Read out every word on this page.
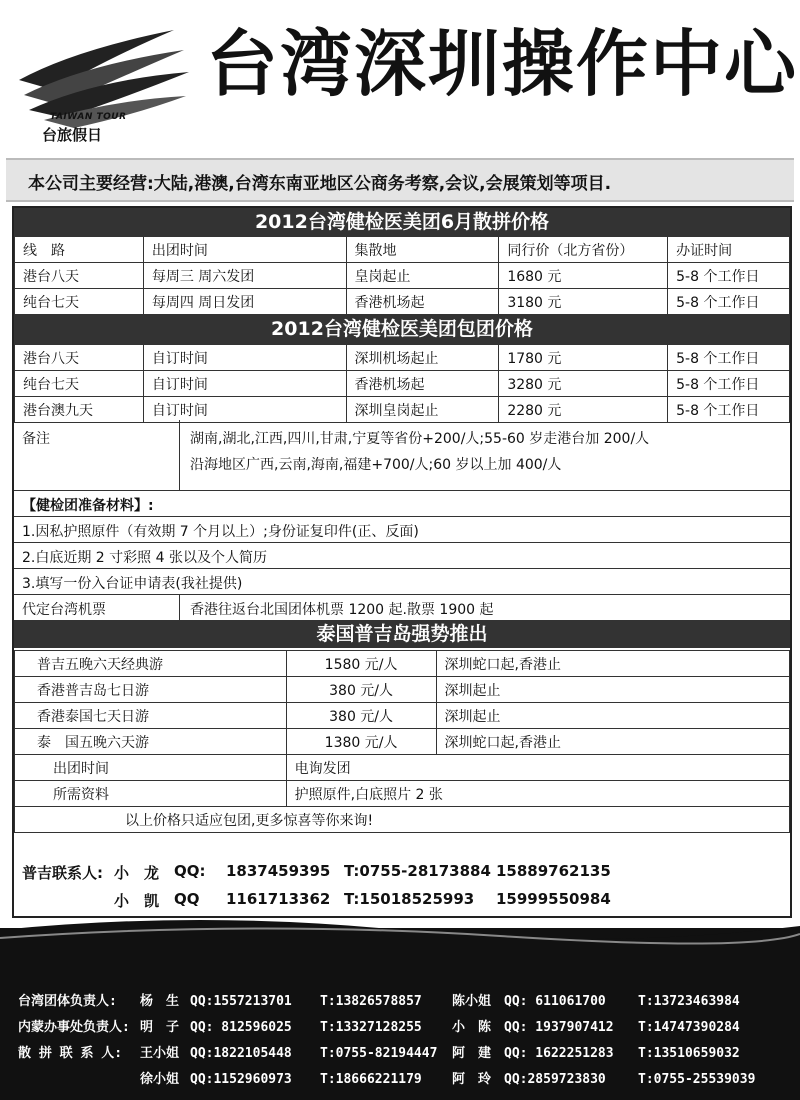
TAIWAN TOUR
台旅假日
台湾深圳操作中心
本公司主要经营:大陆,港澳,台湾东南亚地区公商务考察,会议,会展策划等项目.
2012台湾健检医美团6月散拼价格
线　路	出团时间	集散地	同行价（北方省份）	办证时间
港台八天	每周三 周六发团	皇岗起止	1680 元	5-8 个工作日
纯台七天	每周四 周日发团	香港机场起	3180 元	5-8 个工作日
2012台湾健检医美团包团价格
港台八天	自订时间	深圳机场起止	1780 元	5-8 个工作日
纯台七天	自订时间	香港机场起	3280 元	5-8 个工作日
港台澳九天	自订时间	深圳皇岗起止	2280 元	5-8 个工作日
备注	湖南,湖北,江西,四川,甘肃,宁夏等省份+200/人;55-60 岁走港台加 200/人
沿海地区广西,云南,海南,福建+700/人;60 岁以上加 400/人
【健检团准备材料】:
1.因私护照原件（有效期 7 个月以上）;身份证复印件(正、反面)
2.白底近期 2 寸彩照 4 张以及个人简历
3.填写一份入台证申请表(我社提供)
代定台湾机票	香港往返台北国团体机票 1200 起.散票 1900 起
泰国普吉岛强势推出
普吉五晚六天经典游	1580 元/人	深圳蛇口起,香港止
香港普吉岛七日游	380 元/人	深圳起止
香港泰国七天日游	380 元/人	深圳起止
泰　国五晚六天游	1380 元/人	深圳蛇口起,香港止
出团时间	电询发团	
所需资料	护照原件,白底照片 2 张	
以上价格只适应包团,更多惊喜等你来询!		
普吉联系人: 小　龙 QQ: 1837459395 T:0755-28173884 15889762135
小　凯 QQ 1161713362 T:15018525993 15999550984
台湾团体负责人: 杨　生 QQ:1557213701 T:13826578857 陈小姐 QQ: 611061700 T:13723463984
内蒙办事处负责人: 明　子 QQ: 812596025 T:13327128255 小　陈 QQ: 1937907412 T:14747390284
散 拼 联 系 人: 王小姐 QQ:1822105448 T:0755-82194447 阿　建 QQ: 1622251283 T:13510659032
徐小姐 QQ:1152960973 T:18666221179 阿　玲 QQ:2859723830 T:0755-25539039
